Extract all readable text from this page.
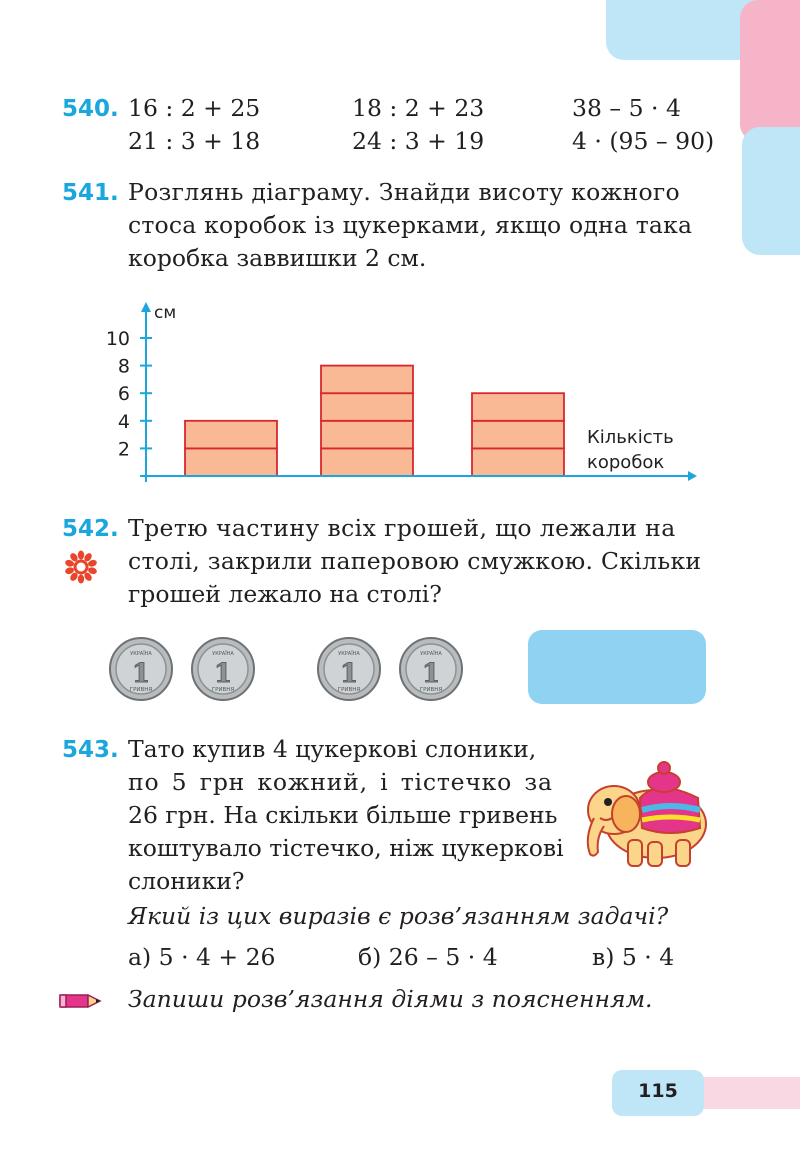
540. 16 : 2 + 25	18 : 2 + 23	38 – 5 · 4
21 : 3 + 18	24 : 3 + 19	4 · (95 – 90)
541. Розглянь діаграму. Знайди висоту кожного
стоса коробок із цукерками, якщо одна така
коробка заввишки 2 см.
2
4
6
8
10
см
Кількість
коробок
542. Третю частину всіх грошей, що лежали на
столі, закрили паперовою смужкою. Скільки
грошей лежало на столі?
УКРАЇНА
1
ГРИВНЯ
УКРАЇНА
1
ГРИВНЯ
УКРАЇНА
1
ГРИВНЯ
УКРАЇНА
1
ГРИВНЯ
543. Тато купив 4 цукеркові слоники,
по 5 грн кожний, і тістечко за
26 грн. На скільки більше гривень
коштувало тістечко, ніж цукеркові
слоники?
Який із цих виразів є розв’язанням задачі?
а) 5 · 4 + 26	б) 26 – 5 · 4	в) 5 · 4
Запиши розв’язання діями з поясненням.
115
